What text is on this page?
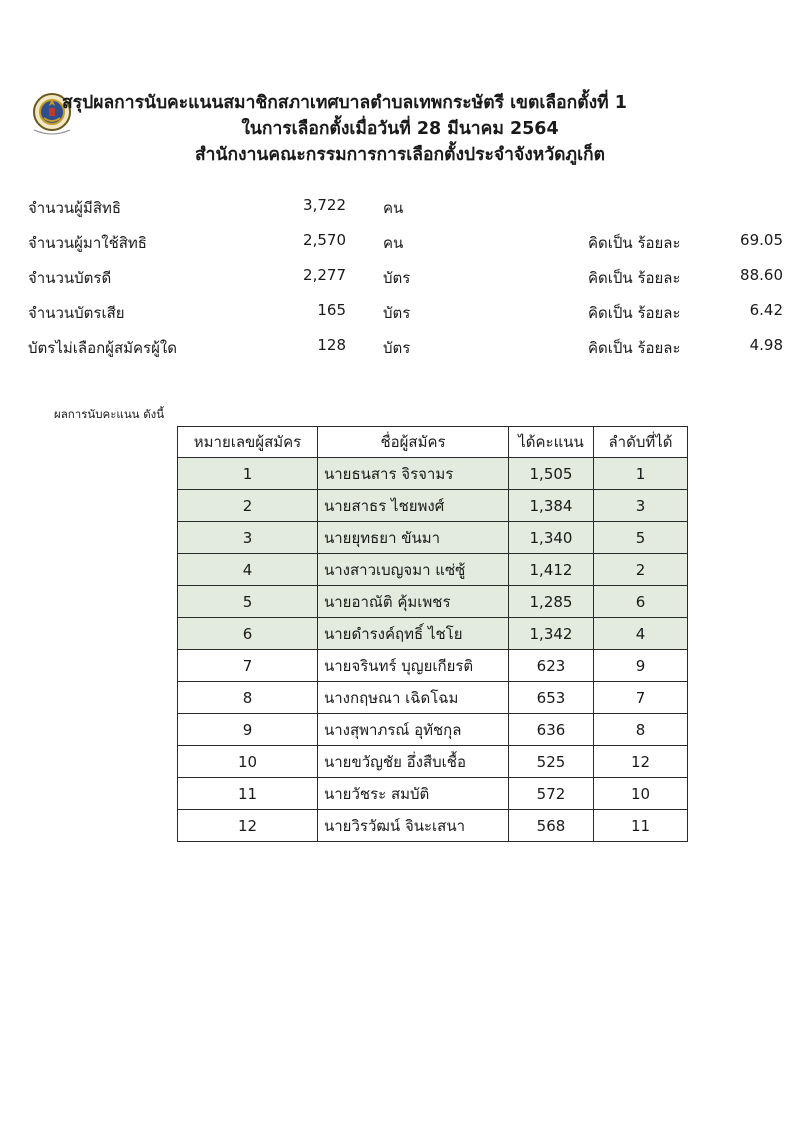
สรุปผลการนับคะแนนสมาชิกสภาเทศบาลตำบลเทพกระษัตรี เขตเลือกตั้งที่ 1
ในการเลือกตั้งเมื่อวันที่ 28 มีนาคม 2564
สำนักงานคณะกรรมการการเลือกตั้งประจำจังหวัดภูเก็ต
จำนวนผู้มีสิทธิ	3,722 คน
จำนวนผู้มาใช้สิทธิ	2,570 คน	คิดเป็น ร้อยละ	69.05
จำนวนบัตรดี	2,277 บัตร	คิดเป็น ร้อยละ	88.60
จำนวนบัตรเสีย	165 บัตร	คิดเป็น ร้อยละ	6.42
บัตรไม่เลือกผู้สมัครผู้ใด	128 บัตร	คิดเป็น ร้อยละ	4.98
ผลการนับคะแนน ดังนี้
หมายเลขผู้สมัคร	ชื่อผู้สมัคร	ได้คะแนน	ลำดับที่ได้
1	นายธนสาร จิรจามร	1,505	1
2	นายสาธร ไชยพงศ์	1,384	3
3	นายยุทธยา ขันมา	1,340	5
4	นางสาวเบญจมา แซ่ซู้	1,412	2
5	นายอาณัติ คุ้มเพชร	1,285	6
6	นายดำรงค์ฤทธิ์ ไชโย	1,342	4
7	นายจรินทร์ บุญยเกียรติ	623	9
8	นางกฤษณา เฉิดโฉม	653	7
9	นางสุพาภรณ์ อุทัชกุล	636	8
10	นายขวัญชัย อึ่งสืบเชื้อ	525	12
11	นายวัชระ สมบัติ	572	10
12	นายวิรวัฒน์ จินะเสนา	568	11
